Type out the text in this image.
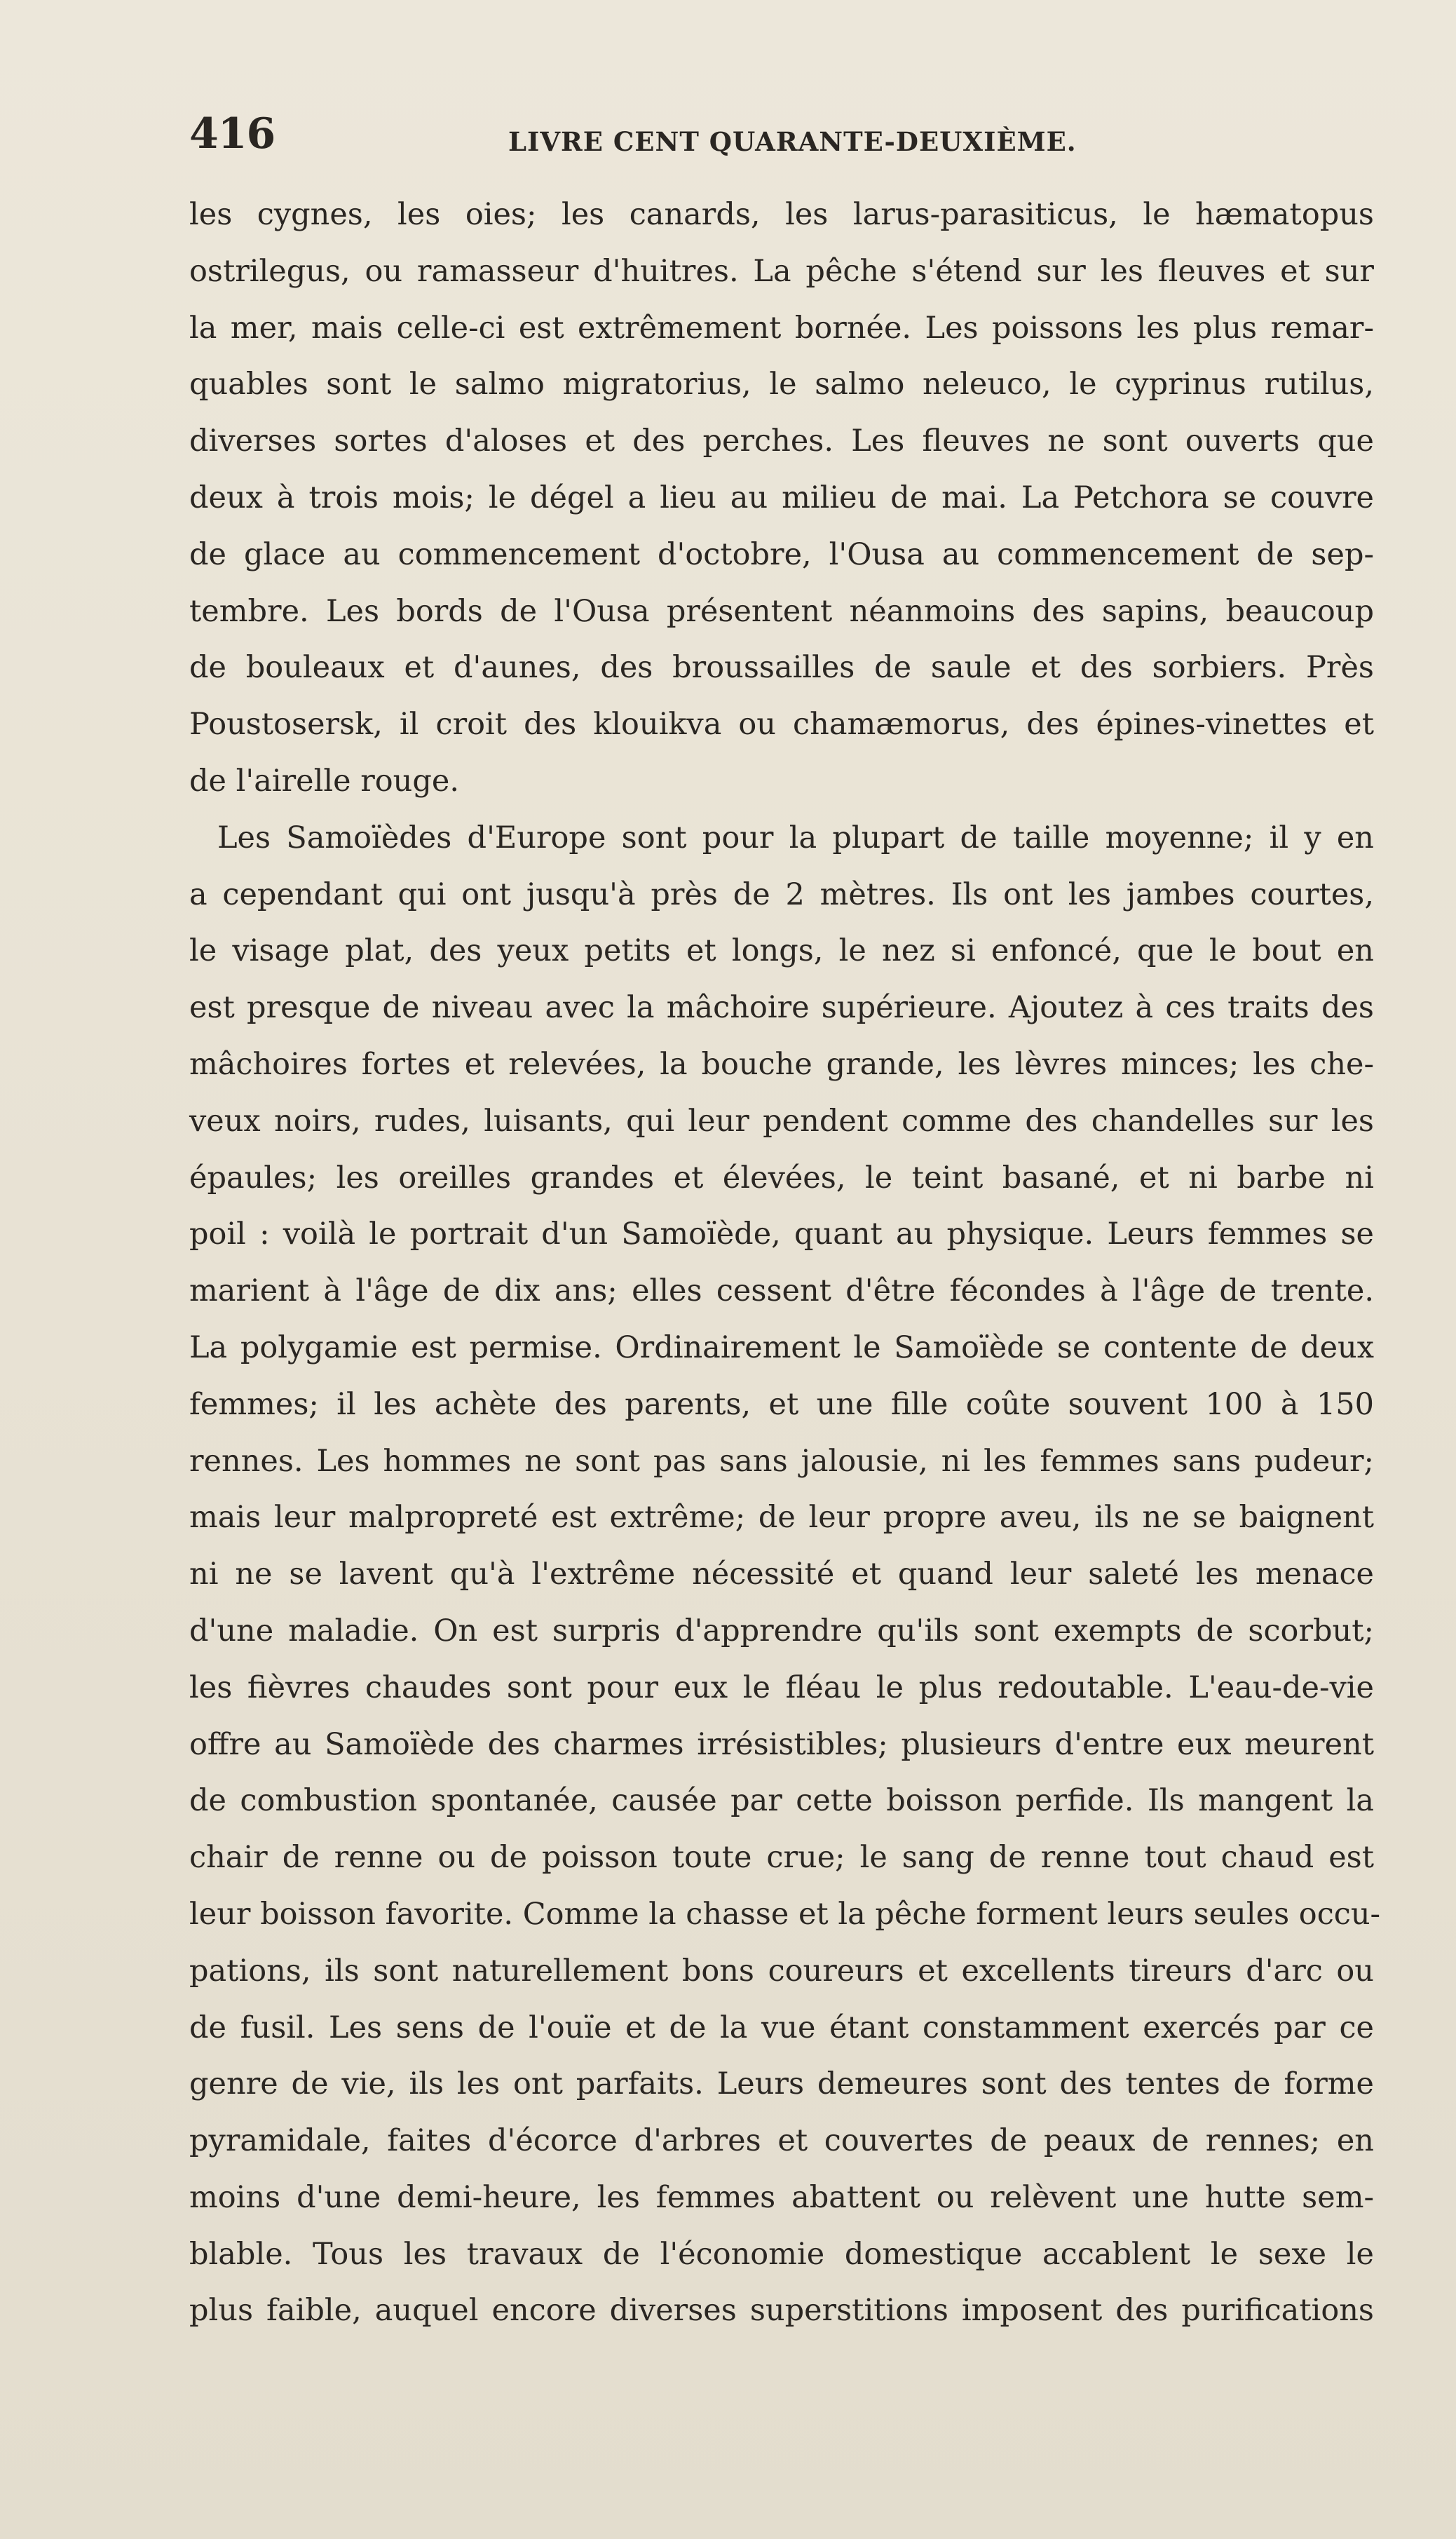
416	LIVRE CENT QUARANTE-DEUXIÈME.
les cygnes, les oies; les canards, les larus-parasiticus, le hæmatopus
ostrilegus, ou ramasseur d'huitres. La pêche s'étend sur les fleuves et sur
la mer, mais celle-ci est extrêmement bornée. Les poissons les plus remar-
quables sont le salmo migratorius, le salmo neleuco, le cyprinus rutilus,
diverses sortes d'aloses et des perches. Les fleuves ne sont ouverts que
deux à trois mois; le dégel a lieu au milieu de mai. La Petchora se couvre
de glace au commencement d'octobre, l'Ousa au commencement de sep-
tembre. Les bords de l'Ousa présentent néanmoins des sapins, beaucoup
de bouleaux et d'aunes, des broussailles de saule et des sorbiers. Près
Poustosersk, il croit des klouikva ou chamæmorus, des épines-vinettes et
de l'airelle rouge.
Les Samoïèdes d'Europe sont pour la plupart de taille moyenne; il y en
a cependant qui ont jusqu'à près de 2 mètres. Ils ont les jambes courtes,
le visage plat, des yeux petits et longs, le nez si enfoncé, que le bout en
est presque de niveau avec la mâchoire supérieure. Ajoutez à ces traits des
mâchoires fortes et relevées, la bouche grande, les lèvres minces; les che-
veux noirs, rudes, luisants, qui leur pendent comme des chandelles sur les
épaules; les oreilles grandes et élevées, le teint basané, et ni barbe ni
poil : voilà le portrait d'un Samoïède, quant au physique. Leurs femmes se
marient à l'âge de dix ans; elles cessent d'être fécondes à l'âge de trente.
La polygamie est permise. Ordinairement le Samoïède se contente de deux
femmes; il les achète des parents, et une fille coûte souvent 100 à 150
rennes. Les hommes ne sont pas sans jalousie, ni les femmes sans pudeur;
mais leur malpropreté est extrême; de leur propre aveu, ils ne se baignent
ni ne se lavent qu'à l'extrême nécessité et quand leur saleté les menace
d'une maladie. On est surpris d'apprendre qu'ils sont exempts de scorbut;
les fièvres chaudes sont pour eux le fléau le plus redoutable. L'eau-de-vie
offre au Samoïède des charmes irrésistibles; plusieurs d'entre eux meurent
de combustion spontanée, causée par cette boisson perfide. Ils mangent la
chair de renne ou de poisson toute crue; le sang de renne tout chaud est
leur boisson favorite. Comme la chasse et la pêche forment leurs seules occu-
pations, ils sont naturellement bons coureurs et excellents tireurs d'arc ou
de fusil. Les sens de l'ouïe et de la vue étant constamment exercés par ce
genre de vie, ils les ont parfaits. Leurs demeures sont des tentes de forme
pyramidale, faites d'écorce d'arbres et couvertes de peaux de rennes; en
moins d'une demi-heure, les femmes abattent ou relèvent une hutte sem-
blable. Tous les travaux de l'économie domestique accablent le sexe le
plus faible, auquel encore diverses superstitions imposent des purifications
